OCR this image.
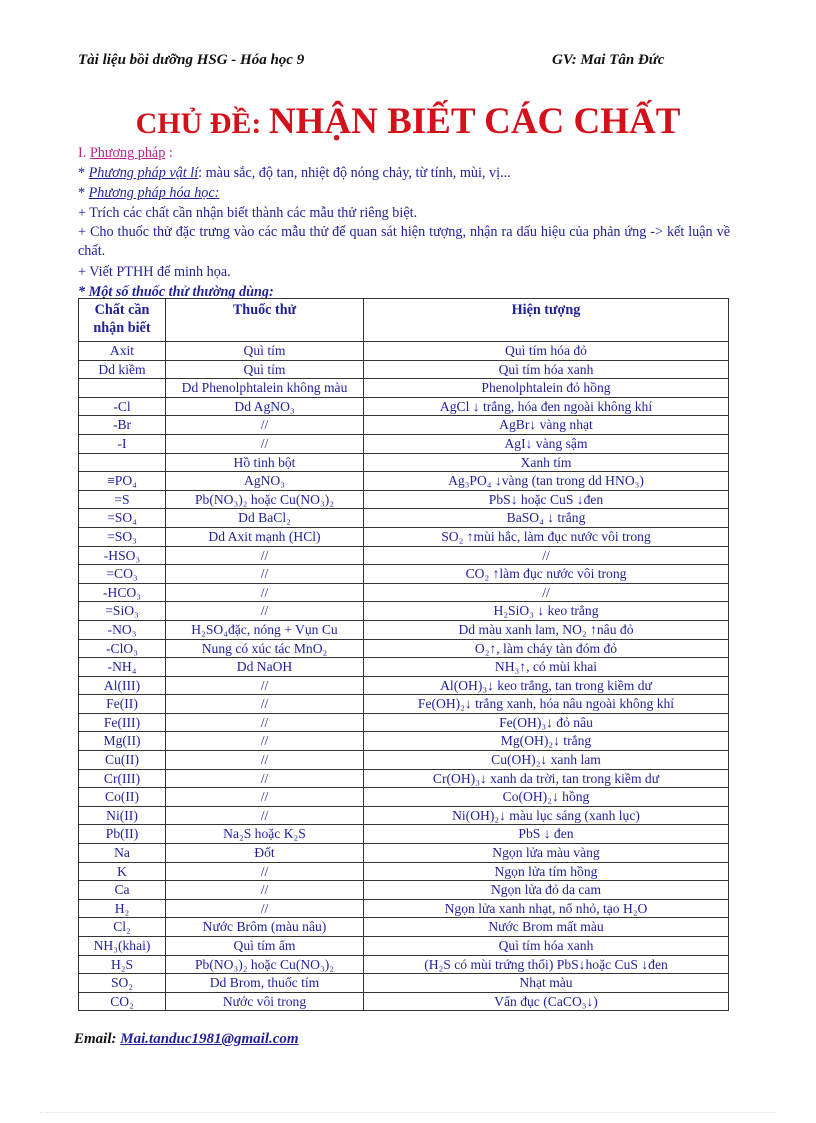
Tài liệu bồi dưỡng HSG - Hóa học 9	GV: Mai Tân Đức
CHỦ ĐỀ: NHẬN BIẾT CÁC CHẤT
I. Phương pháp :
* Phương pháp vật lí: màu sắc, độ tan, nhiệt độ nóng chảy, từ tính, mùi, vị...
* Phương pháp hóa học:
+ Trích các chất cần nhận biết thành các mẫu thử riêng biệt.
+ Cho thuốc thử đặc trưng vào các mẫu thử để quan sát hiện tượng, nhận ra dấu hiệu của phản ứng -> kết luận về chất.
+ Viết PTHH để minh họa.
* Một số thuốc thử thường dùng:
Chất cần nhận biết	Thuốc thử	Hiện tượng
Axit	Quì tím	Quì tím hóa đỏ
Dd kiềm	Quì tím	Quì tím hóa xanh
	Dd Phenolphtalein không màu	Phenolphtalein đỏ hồng
-Cl	Dd AgNO₃	AgCl ↓ trắng, hóa đen ngoài không khí
-Br	//	AgBr↓ vàng nhạt
-I	//	AgI↓ vàng sậm
	Hồ tinh bột	Xanh tím
≡PO₄	AgNO₃	Ag₃PO₄ ↓vàng (tan trong dd HNO₃)
=S	Pb(NO₃)₂ hoặc Cu(NO₃)₂	PbS↓ hoặc CuS ↓đen
=SO₄	Dd BaCl₂	BaSO₄ ↓ trắng
=SO₃	Dd Axit mạnh (HCl)	SO₂ ↑mùi hắc, làm đục nước vôi trong
-HSO₃	//	//
=CO₃	//	CO₂ ↑làm đục nước vôi trong
-HCO₃	//	//
=SiO₃	//	H₂SiO₃ ↓ keo trắng
-NO₃	H₂SO₄đặc, nóng + Vụn Cu	Dd màu xanh lam, NO₂ ↑nâu đỏ
-ClO₃	Nung có xúc tác MnO₂	O₂↑, làm cháy tàn đóm đỏ
-NH₄	Dd NaOH	NH₃↑, có mùi khai
Al(III)	//	Al(OH)₃↓ keo trắng, tan trong kiềm dư
Fe(II)	//	Fe(OH)₂↓ trắng xanh, hóa nâu ngoài không khí
Fe(III)	//	Fe(OH)₃↓ đỏ nâu
Mg(II)	//	Mg(OH)₂↓ trắng
Cu(II)	//	Cu(OH)₂↓ xanh lam
Cr(III)	//	Cr(OH)₃↓ xanh da trời, tan trong kiềm dư
Co(II)	//	Co(OH)₂↓ hồng
Ni(II)	//	Ni(OH)₂↓ màu lục sáng (xanh lục)
Pb(II)	Na₂S hoặc K₂S	PbS ↓ đen
Na	Đốt	Ngọn lửa màu vàng
K	//	Ngọn lửa tím hồng
Ca	//	Ngọn lửa đỏ da cam
H₂	//	Ngọn lửa xanh nhạt, nổ nhỏ, tạo H₂O
Cl₂	Nước Brôm (màu nâu)	Nước Brom mất màu
NH₃(khai)	Quì tím ẩm	Quì tím hóa xanh
H₂S	Pb(NO₃)₂ hoặc Cu(NO₃)₂	(H₂S có mùi trứng thối) PbS↓hoặc CuS ↓đen
SO₂	Dd Brom, thuốc tím	Nhạt màu
CO₂	Nước vôi trong	Vẩn đục (CaCO₃↓)
Email: Mai.tanduc1981@gmail.com
